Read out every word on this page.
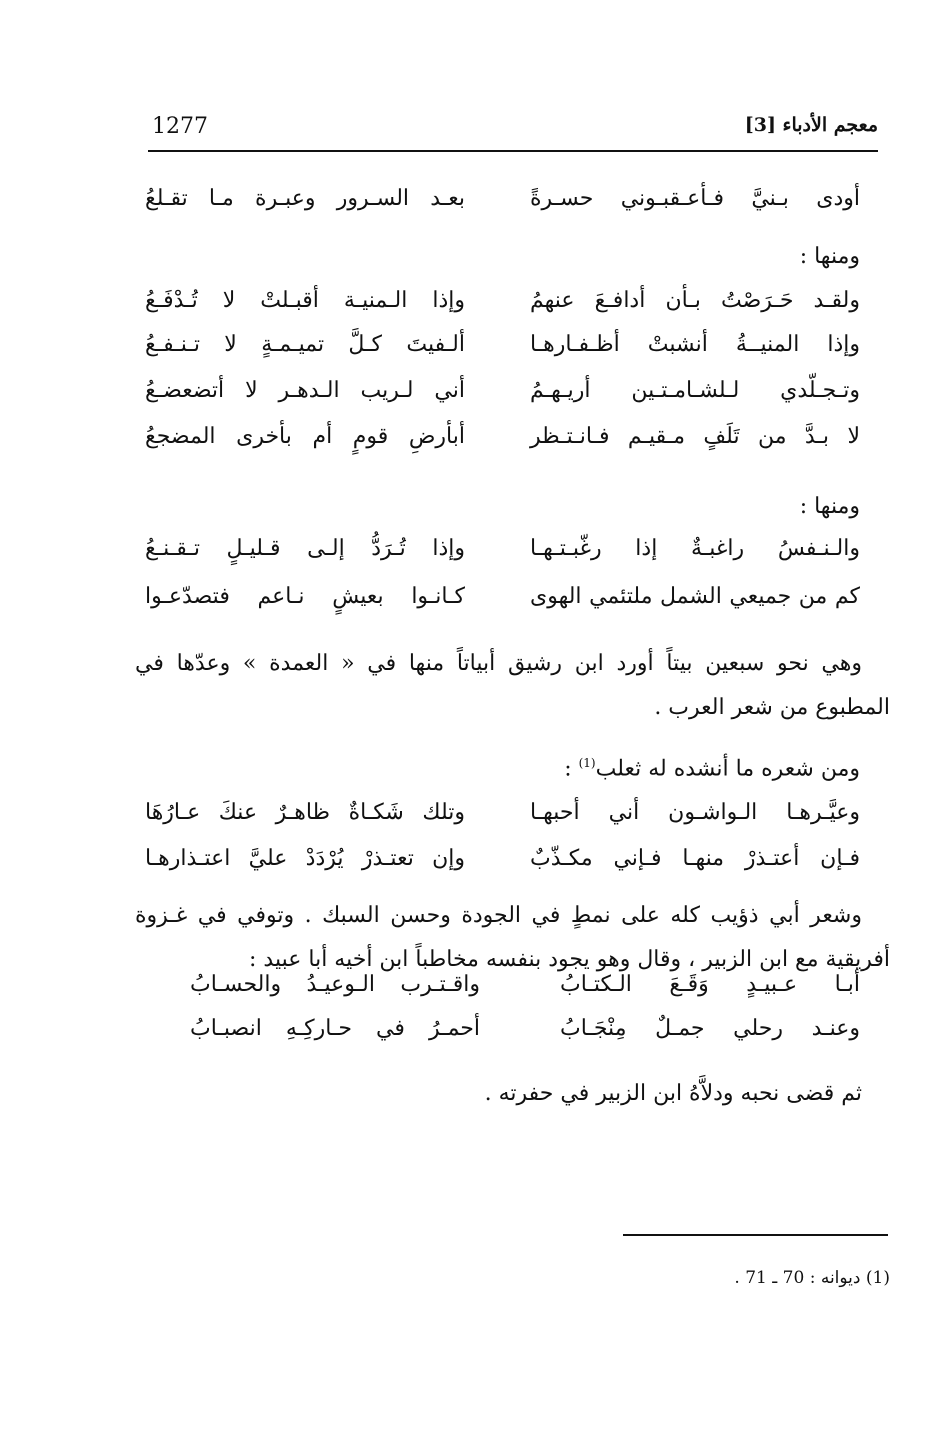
1277	معجم الأدباء [3]
أودى بـنيَّ فـأعـقبـوني حسـرةً
بعـد السـرور وعبـرة مـا تقـلعُ
ومنها :
ولقـد حَـرَصْتُ بـأن أدافـعَ عنهمُ
وإذا الـمنيـة أقبـلتْ لا تُـدْفَـعُ
وإذا المنيــةُ أنشبتْ أظـفـارهـا
ألـفيتَ كـلَّ تميـمـةٍ لا تـنـفـعُ
وتـجـلّدي لـلشـامـتـين أريـهـمُ
أني لـريب الـدهـر لا أتضعضـعُ
لا بـدَّ من تَلَفٍ مـقيـم فـانـتـظر
أبأرضِ قومٍ أم بأخرى المضجعُ
ومنها :
والـنـفسُ راغبـةٌ إذا رغّبـتـهـا
وإذا تُـرَدُّ إلـى قـليـلٍ تـقـنـعُ
كم من جميعي الشمل ملتئمي الهوى
كـانـوا بعيشٍ نـاعم فتصدّعـوا
وهي نحو سبعين بيتاً أورد ابن رشيق أبياتاً منها في « العمدة » وعدّها في المطبوع من شعر العرب .
ومن شعره ما أنشده له ثعلب$^{(1)}$ :
وعيَّـرهـا الـواشـون أني أحبهـا
وتلك شَكـاةٌ ظاهـرٌ عنكَ عـارُهَا
فـإن أعتـذرْ منهـا فـإني مكـذّبٌ
وإن تعتـذرْ يُرْدَدْ عليَّ اعتـذارهـا
وشعر أبي ذؤيب كله على نمطٍ في الجودة وحسن السبك . وتوفي في غـزوة أفريقية مع ابن الزبير ، وقال وهو يجود بنفسه مخاطباً ابن أخيه أبا عبيد :
أبـا عـبيـدٍ وَقَـعَ الـكتـابُ
واقـتـرب الـوعيـدُ والحسـابُ
وعنـد رحلي جمـلٌ مِنْجَـابُ
أحمـرُ في حـاركِـهِ انصبـابُ
ثم قضى نحبه ودلاَّهُ ابن الزبير في حفرته .
(1) ديوانه : 70 ـ 71 .
